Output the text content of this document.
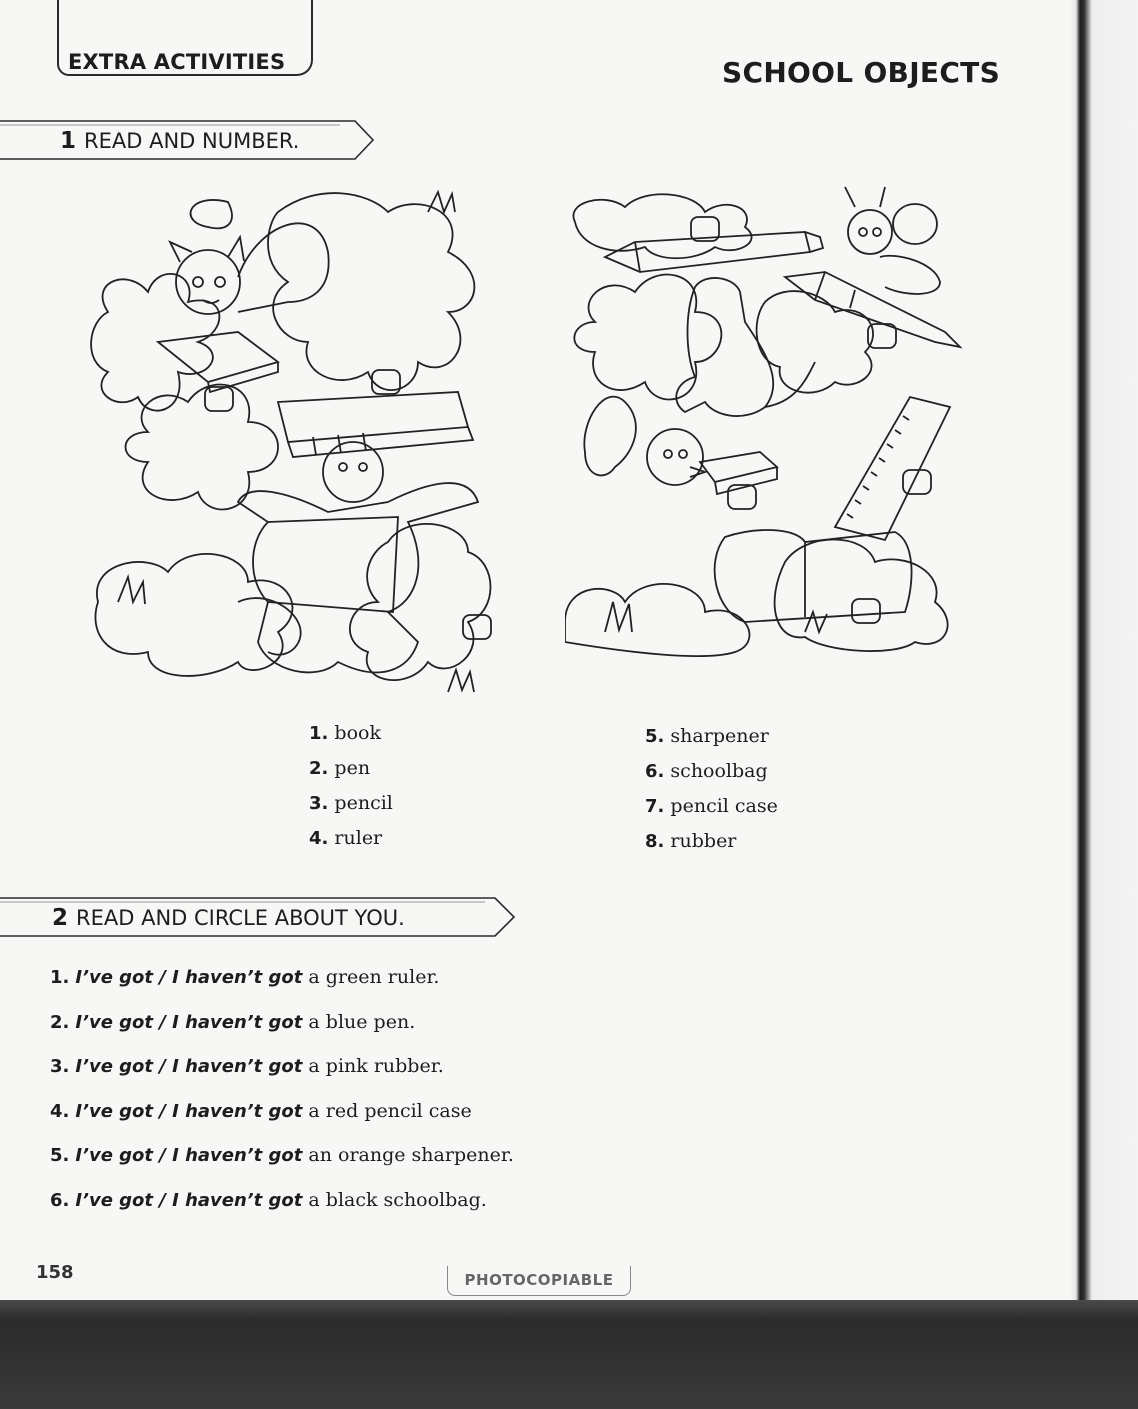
EXTRA ACTIVITIES	SCHOOL OBJECTS
1 READ AND NUMBER.
1. book
2. pen
3. pencil
4. ruler
5. sharpener
6. schoolbag
7. pencil case
8. rubber
2 READ AND CIRCLE ABOUT YOU.
1. I’ve got / I haven’t got a green ruler.
2. I’ve got / I haven’t got a blue pen.
3. I’ve got / I haven’t got a pink rubber.
4. I’ve got / I haven’t got a red pencil case
5. I’ve got / I haven’t got an orange sharpener.
6. I’ve got / I haven’t got a black schoolbag.
158	PHOTOCOPIABLE
